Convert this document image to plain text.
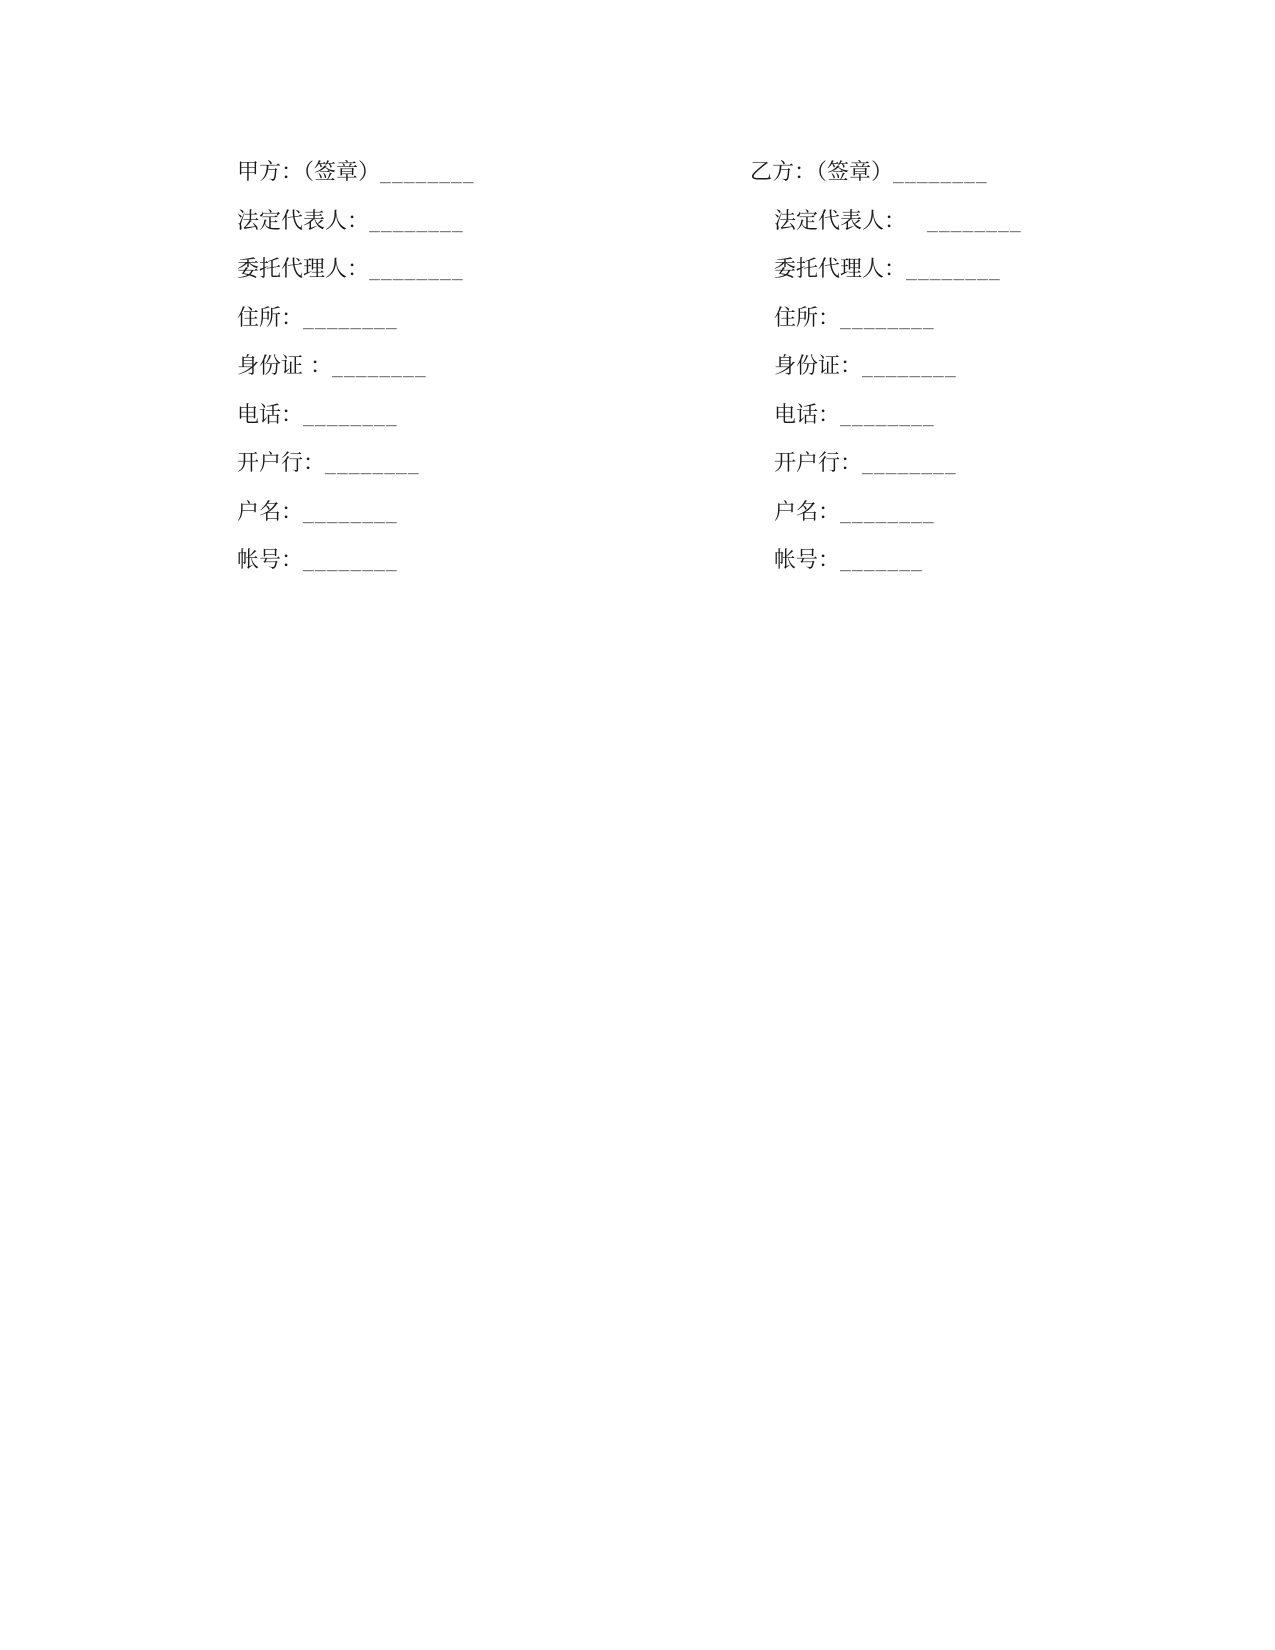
甲方：（签章）________
法定代表人：________
委托代理人：________
住所：________
身份证 ：________
电话：________
开户行：________
户名：________
帐号：________
乙方：（签章）________
法定代表人： ________
委托代理人：________
住所：________
身份证：________
电话：________
开户行：________
户名：________
帐号：_______
